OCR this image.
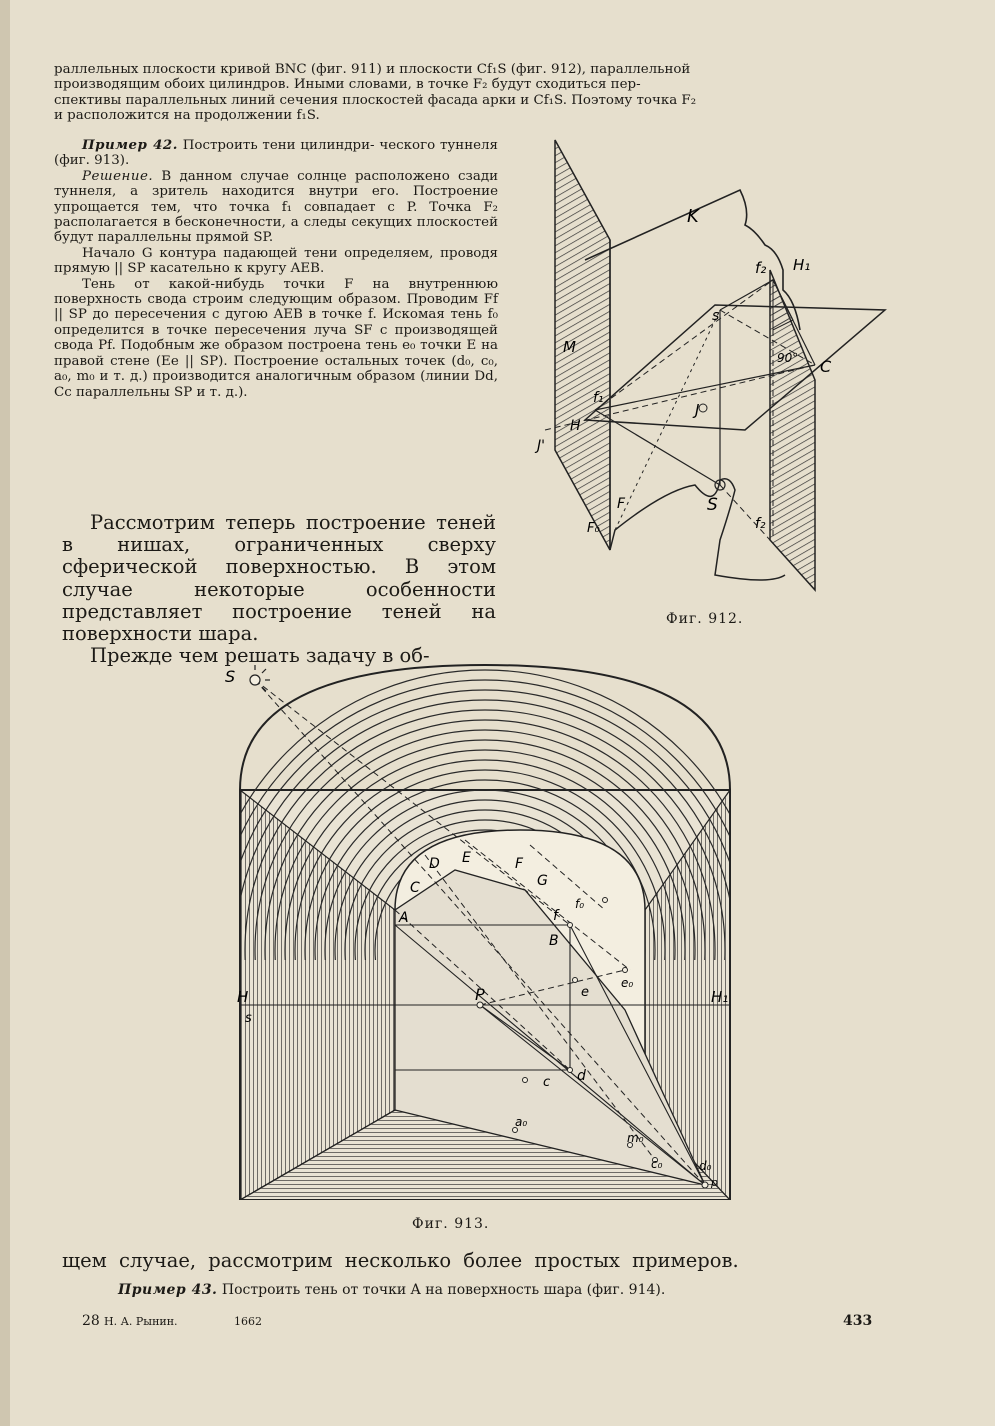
раллельных плоскости кривой BNC (фиг. 911) и плоскости Cf₁S (фиг. 912), параллельной
производящим обоих цилиндров. Иными словами, в точке F₂ будут сходиться пер-
спективы параллельных линий сечения плоскостей фасада арки и Cf₁S. Поэтому точка F₂
и расположится на продолжении f₁S.

Пример 42. Построить тени цилиндри- ческого туннеля (фиг. 913).

Решение. В данном случае солнце расположено сзади туннеля, а зритель находится внутри его. Построение упрощается тем, что точка f₁ совпадает с P. Точка F₂ располагается в бесконечности, а следы секущих плоскостей будут параллельны прямой SP.

Начало G контура падающей тени определяем, проводя прямую || SP касательно к кругу AEB.

Тень от какой-нибудь точки F на внутреннюю поверхность свода строим следующим образом. Проводим Ff || SP до пересечения с дугою AEB в точке f. Искомая тень f₀ определится в точке пересечения луча SF с производящей свода Pf. Подобным же образом построена тень e₀ точки E на правой стене (Ee || SP). Построение остальных точек (d₀, c₀, a₀, m₀ и т. д.) производится аналогичным образом (линии Dd, Cc параллельны SP и т. д.).

Рассмотрим теперь построение теней в нишах, ограниченных сверху сферической поверхностью. В этом случае некоторые особенности представляет построение теней на поверхности шара.

Прежде чем решать задачу в об-

K
f₂ H₁
s
90° C
M
f₁
J
H
J'
S
F
F₀	f₂
Фиг. 912.
S
D E	F
G
C
f₀
A	f
B
e₀
e
H	H₁
P
s
d
c
a₀
m₀
c₀	d₀
p
Фиг. 913.
щем случае, рассмотрим несколько более простых примеров.
Пример 43. Построить тень от точки A на поверхность шара (фиг. 914).
28 Н. А. Рынин.	1662	433
